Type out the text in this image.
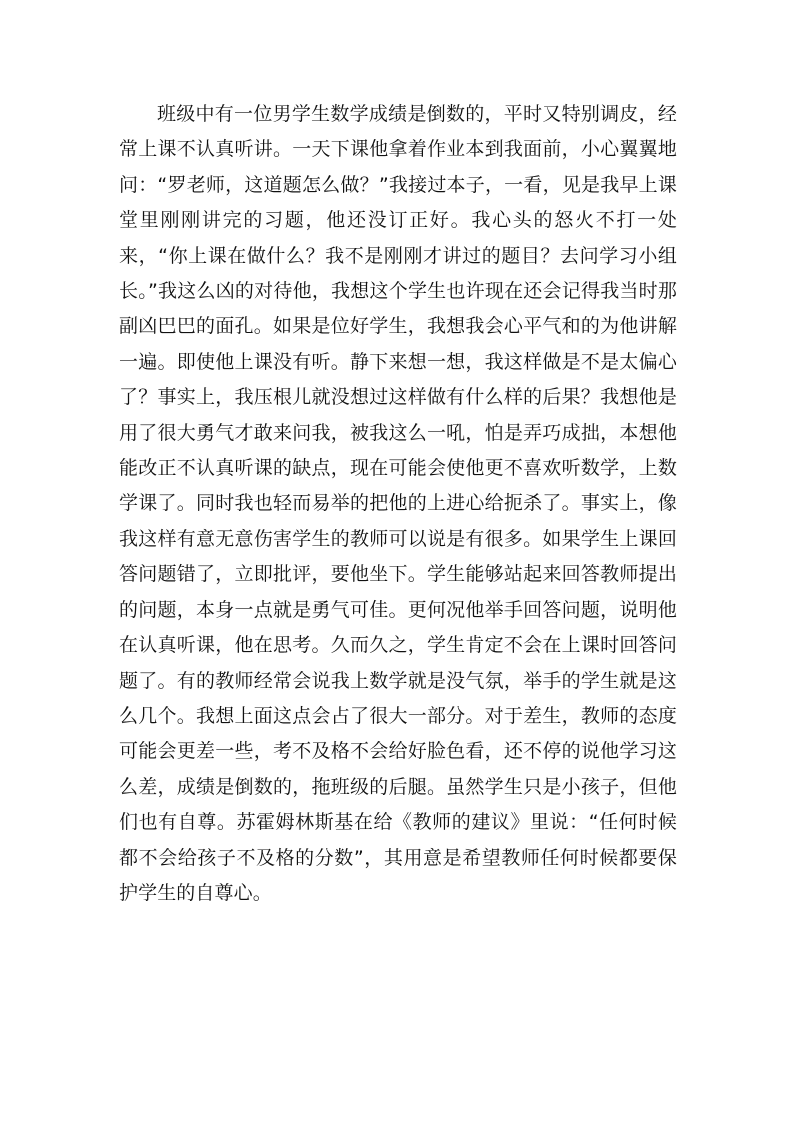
班级中有一位男学生数学成绩是倒数的，平时又特别调皮，经常上课不认真听讲。一天下课他拿着作业本到我面前，小心翼翼地问：“罗老师，这道题怎么做？”我接过本子，一看，见是我早上课堂里刚刚讲完的习题，他还没订正好。我心头的怒火不打一处来，“你上课在做什么？我不是刚刚才讲过的题目？去问学习小组长。”我这么凶的对待他，我想这个学生也许现在还会记得我当时那副凶巴巴的面孔。如果是位好学生，我想我会心平气和的为他讲解一遍。即使他上课没有听。静下来想一想，我这样做是不是太偏心了？事实上，我压根儿就没想过这样做有什么样的后果？我想他是用了很大勇气才敢来问我，被我这么一吼，怕是弄巧成拙，本想他能改正不认真听课的缺点，现在可能会使他更不喜欢听数学，上数学课了。同时我也轻而易举的把他的上进心给扼杀了。事实上，像我这样有意无意伤害学生的教师可以说是有很多。如果学生上课回答问题错了，立即批评，要他坐下。学生能够站起来回答教师提出的问题，本身一点就是勇气可佳。更何况他举手回答问题，说明他在认真听课，他在思考。久而久之，学生肯定不会在上课时回答问题了。有的教师经常会说我上数学就是没气氛，举手的学生就是这么几个。我想上面这点会占了很大一部分。对于差生，教师的态度可能会更差一些，考不及格不会给好脸色看，还不停的说他学习这么差，成绩是倒数的，拖班级的后腿。虽然学生只是小孩子，但他们也有自尊。苏霍姆林斯基在给《教师的建议》里说：“任何时候都不会给孩子不及格的分数”，其用意是希望教师任何时候都要保护学生的自尊心。
